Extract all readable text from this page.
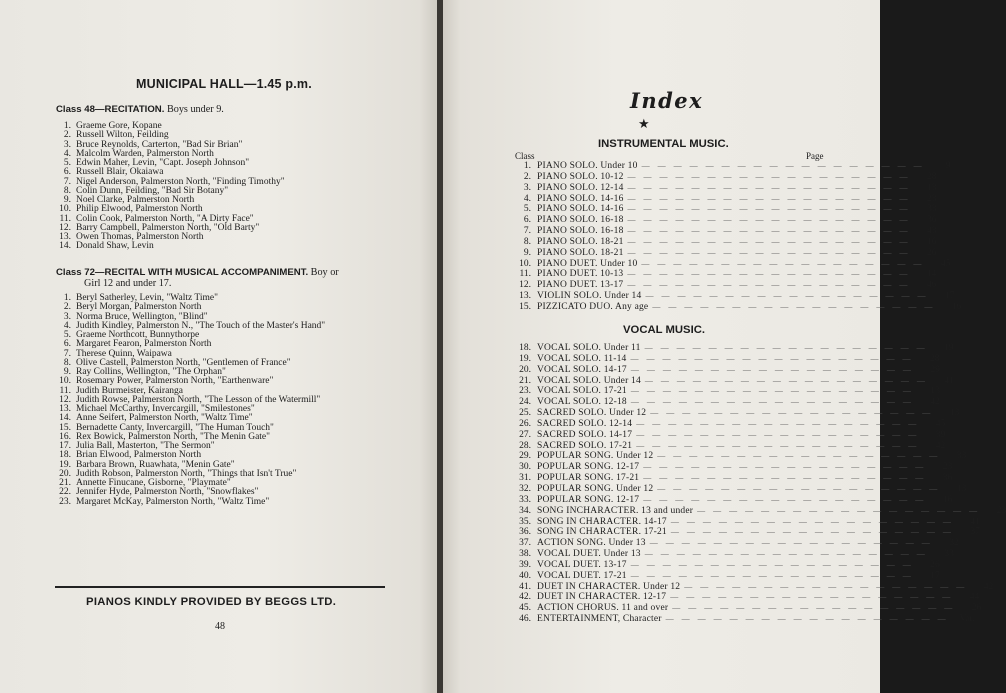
MUNICIPAL HALL—1.45 p.m.
Class 48—RECITATION. Boys under 9.
1. Graeme Gore, Kopane
2. Russell Wilton, Feilding
3. Bruce Reynolds, Carterton, "Bad Sir Brian"
4. Malcolm Warden, Palmerston North
5. Edwin Maher, Levin, "Capt. Joseph Johnson"
6. Russell Blair, Okaiawa
7. Nigel Anderson, Palmerston North, "Finding Timothy"
8. Colin Dunn, Feilding, "Bad Sir Botany"
9. Noel Clarke, Palmerston North
10. Philip Elwood, Palmerston North
11. Colin Cook, Palmerston North, "A Dirty Face"
12. Barry Campbell, Palmerston North, "Old Barty"
13. Owen Thomas, Palmerston North
14. Donald Shaw, Levin
Class 72—RECITAL WITH MUSICAL ACCOMPANIMENT. Boy or
Girl 12 and under 17.
1. Beryl Satherley, Levin, "Waltz Time"
2. Beryl Morgan, Palmerston North
3. Norma Bruce, Wellington, "Blind"
4. Judith Kindley, Palmerston N., "The Touch of the Master's Hand"
5. Graeme Northcott, Bunnythorpe
6. Margaret Fearon, Palmerston North
7. Therese Quinn, Waipawa
8. Olive Castell, Palmerston North, "Gentlemen of France"
9. Ray Collins, Wellington, "The Orphan"
10. Rosemary Power, Palmerston North, "Earthenware"
11. Judith Burmeister, Kairanga
12. Judith Rowse, Palmerston North, "The Lesson of the Watermill"
13. Michael McCarthy, Invercargill, "Smilestones"
14. Anne Seifert, Palmerston North, "Waltz Time"
15. Bernadette Canty, Invercargill, "The Human Touch"
16. Rex Bowick, Palmerston North, "The Menin Gate"
17. Julia Ball, Masterton, "The Sermon"
18. Brian Elwood, Palmerston North
19. Barbara Brown, Ruawhata, "Menin Gate"
20. Judith Robson, Palmerston North, "Things that Isn't True"
21. Annette Finucane, Gisborne, "Playmate"
22. Jennifer Hyde, Palmerston North, "Snowflakes"
23. Margaret McKay, Palmerston North, "Waltz Time"
PIANOS KINDLY PROVIDED BY BEGGS LTD.
48
Index
★
INSTRUMENTAL MUSIC.
Class	Page
1. PIANO SOLO. Under 10 — — — — — — — — — — — — — — — — — —	9
2. PIANO SOLO. 10-12 — — — — — — — — — — — — — — — — — —	28
3. PIANO SOLO. 12-14 — — — — — — — — — — — — — — — — — —	13
4. PIANO SOLO. 14-16 — — — — — — — — — — — — — — — — — —	23
5. PIANO SOLO. 14-16 — — — — — — — — — — — — — — — — — —	33
6. PIANO SOLO. 16-18 — — — — — — — — — — — — — — — — — —	36
7. PIANO SOLO. 16-18 — — — — — — — — — — — — — — — — — —	43
8. PIANO SOLO. 18-21 — — — — — — — — — — — — — — — — — —	16
9. PIANO SOLO. 18-21 — — — — — — — — — — — — — — — — — —	26
10. PIANO DUET. Under 10 — — — — — — — — — — — — — — — — — —	45
11. PIANO DUET. 10-13 — — — — — — — — — — — — — — — — — —	14
12. PIANO DUET. 13-17 — — — — — — — — — — — — — — — — — —	46
13. VIOLIN SOLO. Under 14 — — — — — — — — — — — — — — — — — —	17
15. PIZZICATO DUO. Any age — — — — — — — — — — — — — — — — — —	16
VOCAL MUSIC.
18. VOCAL SOLO. Under 11 — — — — — — — — — — — — — — — — — —	19
19. VOCAL SOLO. 11-14 — — — — — — — — — — — — — — — — — —	28
20. VOCAL SOLO. 14-17 — — — — — — — — — — — — — — — — — —	29
21. VOCAL SOLO. Under 14 — — — — — — — — — — — — — — — — — —	41
23. VOCAL SOLO. 17-21 — — — — — — — — — — — — — — — — — —	13
24. VOCAL SOLO. 12-18 — — — — — — — — — — — — — — — — — —	42
25. SACRED SOLO. Under 12 — — — — — — — — — — — — — — — — — —	13
26. SACRED SOLO. 12-14 — — — — — — — — — — — — — — — — — —	45
27. SACRED SOLO. 14-17 — — — — — — — — — — — — — — — — — —	39
28. SACRED SOLO. 17-21 — — — — — — — — — — — — — — — — — —	42
29. POPULAR SONG. Under 12 — — — — — — — — — — — — — — — — — —	33
30. POPULAR SONG. 12-17 — — — — — — — — — — — — — — — — — —	23
31. POPULAR SONG. 17-21 — — — — — — — — — — — — — — — — — —	36
32. POPULAR SONG. Under 12 — — — — — — — — — — — — — — — — — —	13
33. POPULAR SONG. 12-17 — — — — — — — — — — — — — — — — — —	16
34. SONG INCHARACTER. 13 and under — — — — — — — — — — — — — — — — — —	23
35. SONG IN CHARACTER. 14-17 — — — — — — — — — — — — — — — — — —	41
36. SONG IN CHARACTER. 17-21 — — — — — — — — — — — — — — — — — —	37
37. ACTION SONG. Under 13 — — — — — — — — — — — — — — — — — —	32
38. VOCAL DUET. Under 13 — — — — — — — — — — — — — — — — — —	33
39. VOCAL DUET. 13-17 — — — — — — — — — — — — — — — — — —	26
40. VOCAL DUET. 17-21 — — — — — — — — — — — — — — — — — —	17
41. DUET IN CHARACTER. Under 12 — — — — — — — — — — — — — — — — — —	42
42. DUET IN CHARACTER. 12-17 — — — — — — — — — — — — — — — — — —	44
45. ACTION CHORUS. 11 and over — — — — — — — — — — — — — — — — — —	26
46. ENTERTAINMENT, Character — — — — — — — — — — — — — — — — — —	Var.
